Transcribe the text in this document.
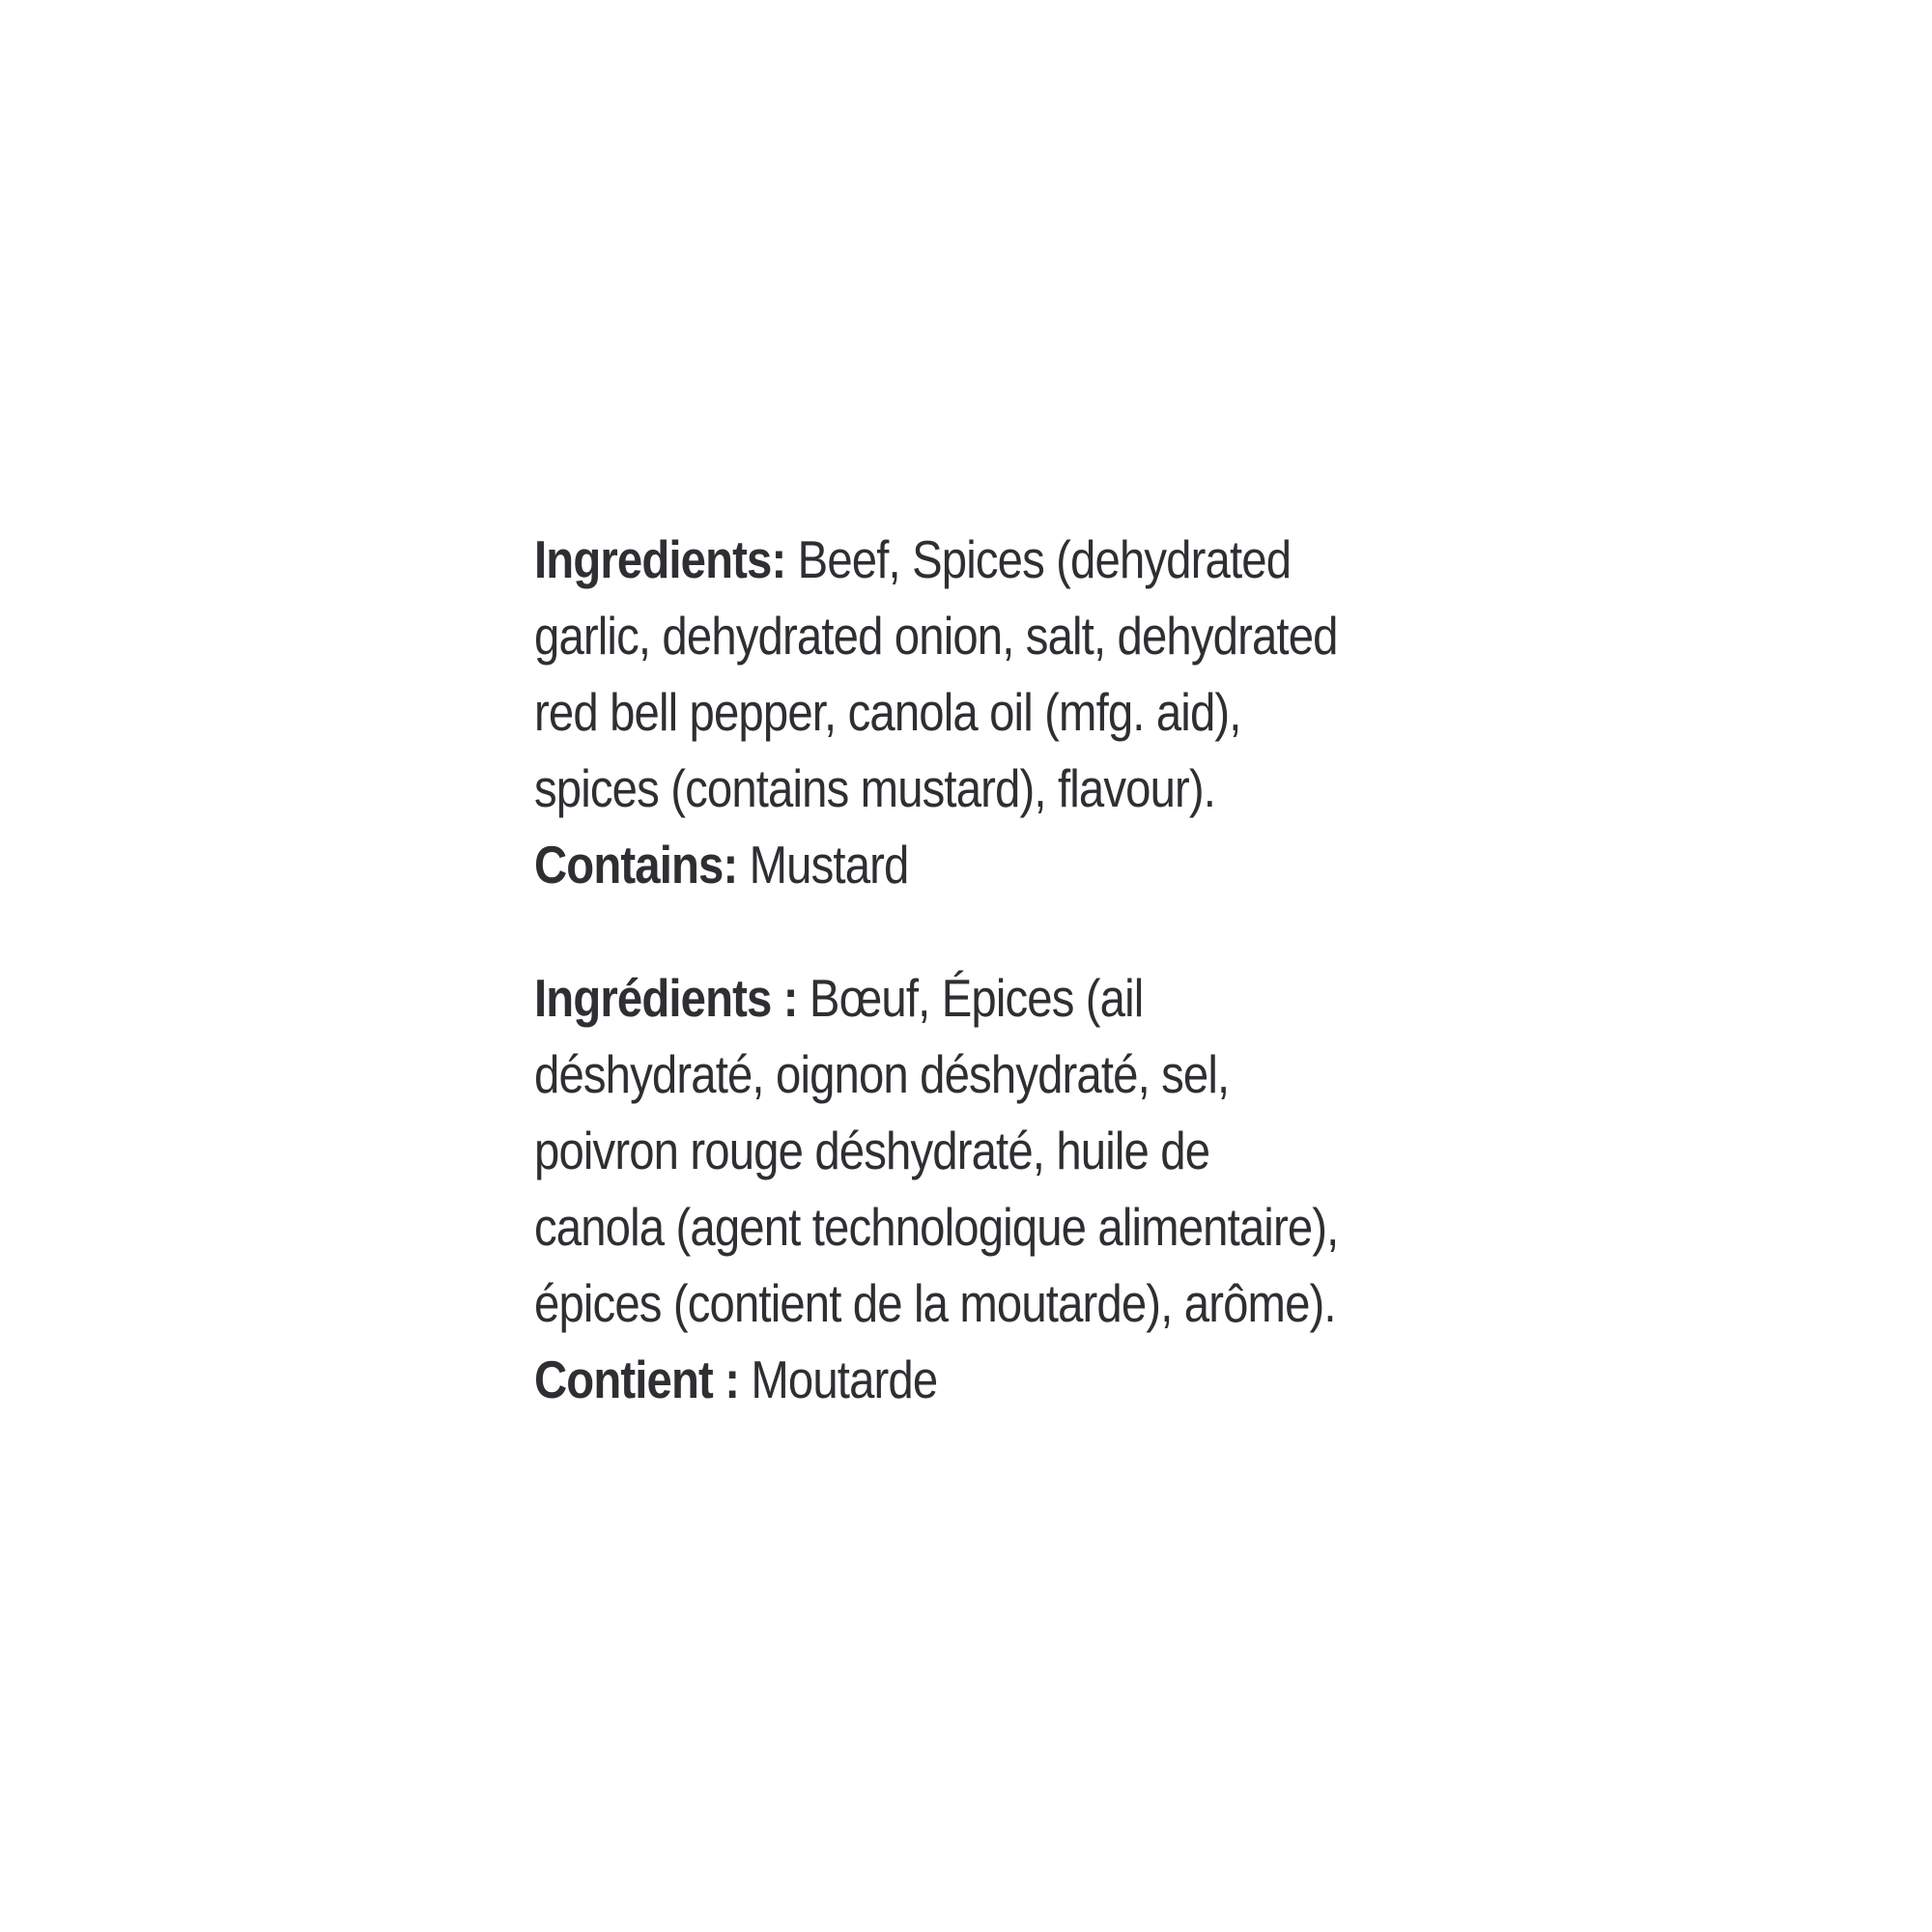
Ingredients: Beef, Spices (dehydrated
garlic, dehydrated onion, salt, dehydrated
red bell pepper, canola oil (mfg. aid),
spices (contains mustard), flavour).
Contains: Mustard
Ingrédients : Bœuf, Épices (ail
déshydraté, oignon déshydraté, sel,
poivron rouge déshydraté, huile de
canola (agent technologique alimentaire),
épices (contient de la moutarde), arôme).
Contient : Moutarde
